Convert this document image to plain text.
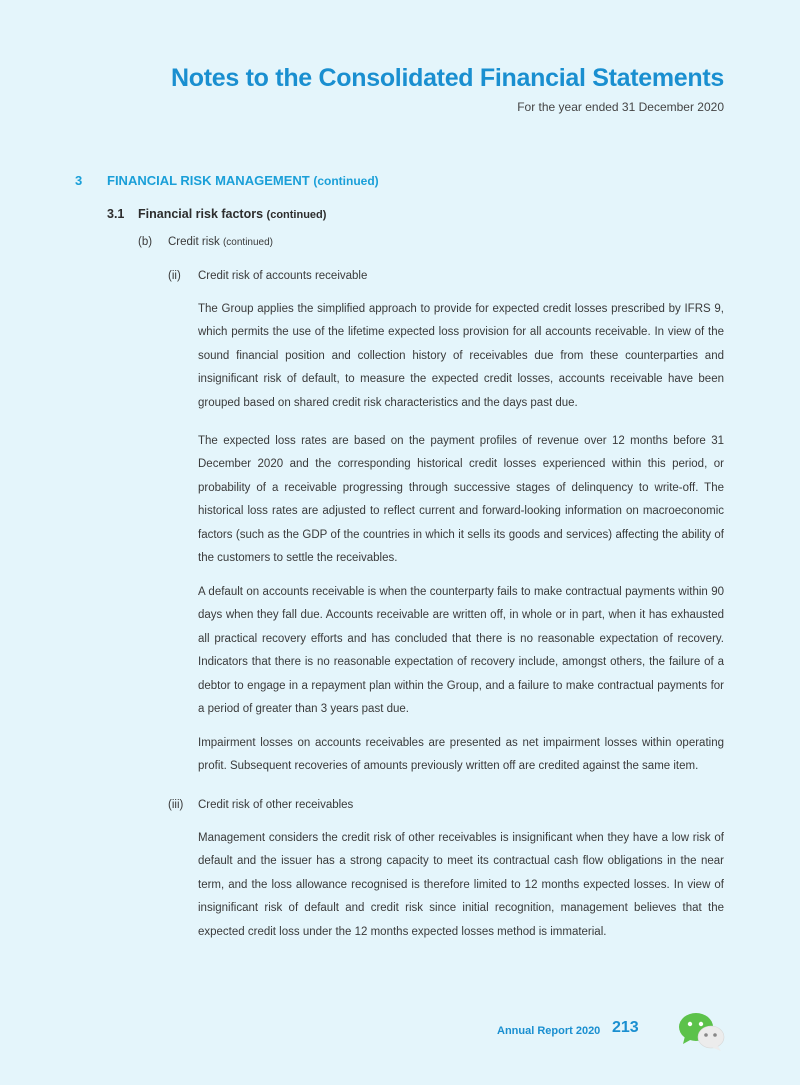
Notes to the Consolidated Financial Statements
For the year ended 31 December 2020
3 FINANCIAL RISK MANAGEMENT (continued)
3.1 Financial risk factors (continued)
(b) Credit risk (continued)
(ii) Credit risk of accounts receivable

The Group applies the simplified approach to provide for expected credit losses prescribed by IFRS 9, which permits the use of the lifetime expected loss provision for all accounts receivable. In view of the sound financial position and collection history of receivables due from these counterparties and insignificant risk of default, to measure the expected credit losses, accounts receivable have been grouped based on shared credit risk characteristics and the days past due.

The expected loss rates are based on the payment profiles of revenue over 12 months before 31 December 2020 and the corresponding historical credit losses experienced within this period, or probability of a receivable progressing through successive stages of delinquency to write-off. The historical loss rates are adjusted to reflect current and forward-looking information on macroeconomic factors (such as the GDP of the countries in which it sells its goods and services) affecting the ability of the customers to settle the receivables.

A default on accounts receivable is when the counterparty fails to make contractual payments within 90 days when they fall due. Accounts receivable are written off, in whole or in part, when it has exhausted all practical recovery efforts and has concluded that there is no reasonable expectation of recovery. Indicators that there is no reasonable expectation of recovery include, amongst others, the failure of a debtor to engage in a repayment plan within the Group, and a failure to make contractual payments for a period of greater than 3 years past due.

Impairment losses on accounts receivables are presented as net impairment losses within operating profit. Subsequent recoveries of amounts previously written off are credited against the same item.

(iii) Credit risk of other receivables

Management considers the credit risk of other receivables is insignificant when they have a low risk of default and the issuer has a strong capacity to meet its contractual cash flow obligations in the near term, and the loss allowance recognised is therefore limited to 12 months expected losses. In view of insignificant risk of default and credit risk since initial recognition, management believes that the expected credit loss under the 12 months expected losses method is immaterial.

Annual Report 2020 213
